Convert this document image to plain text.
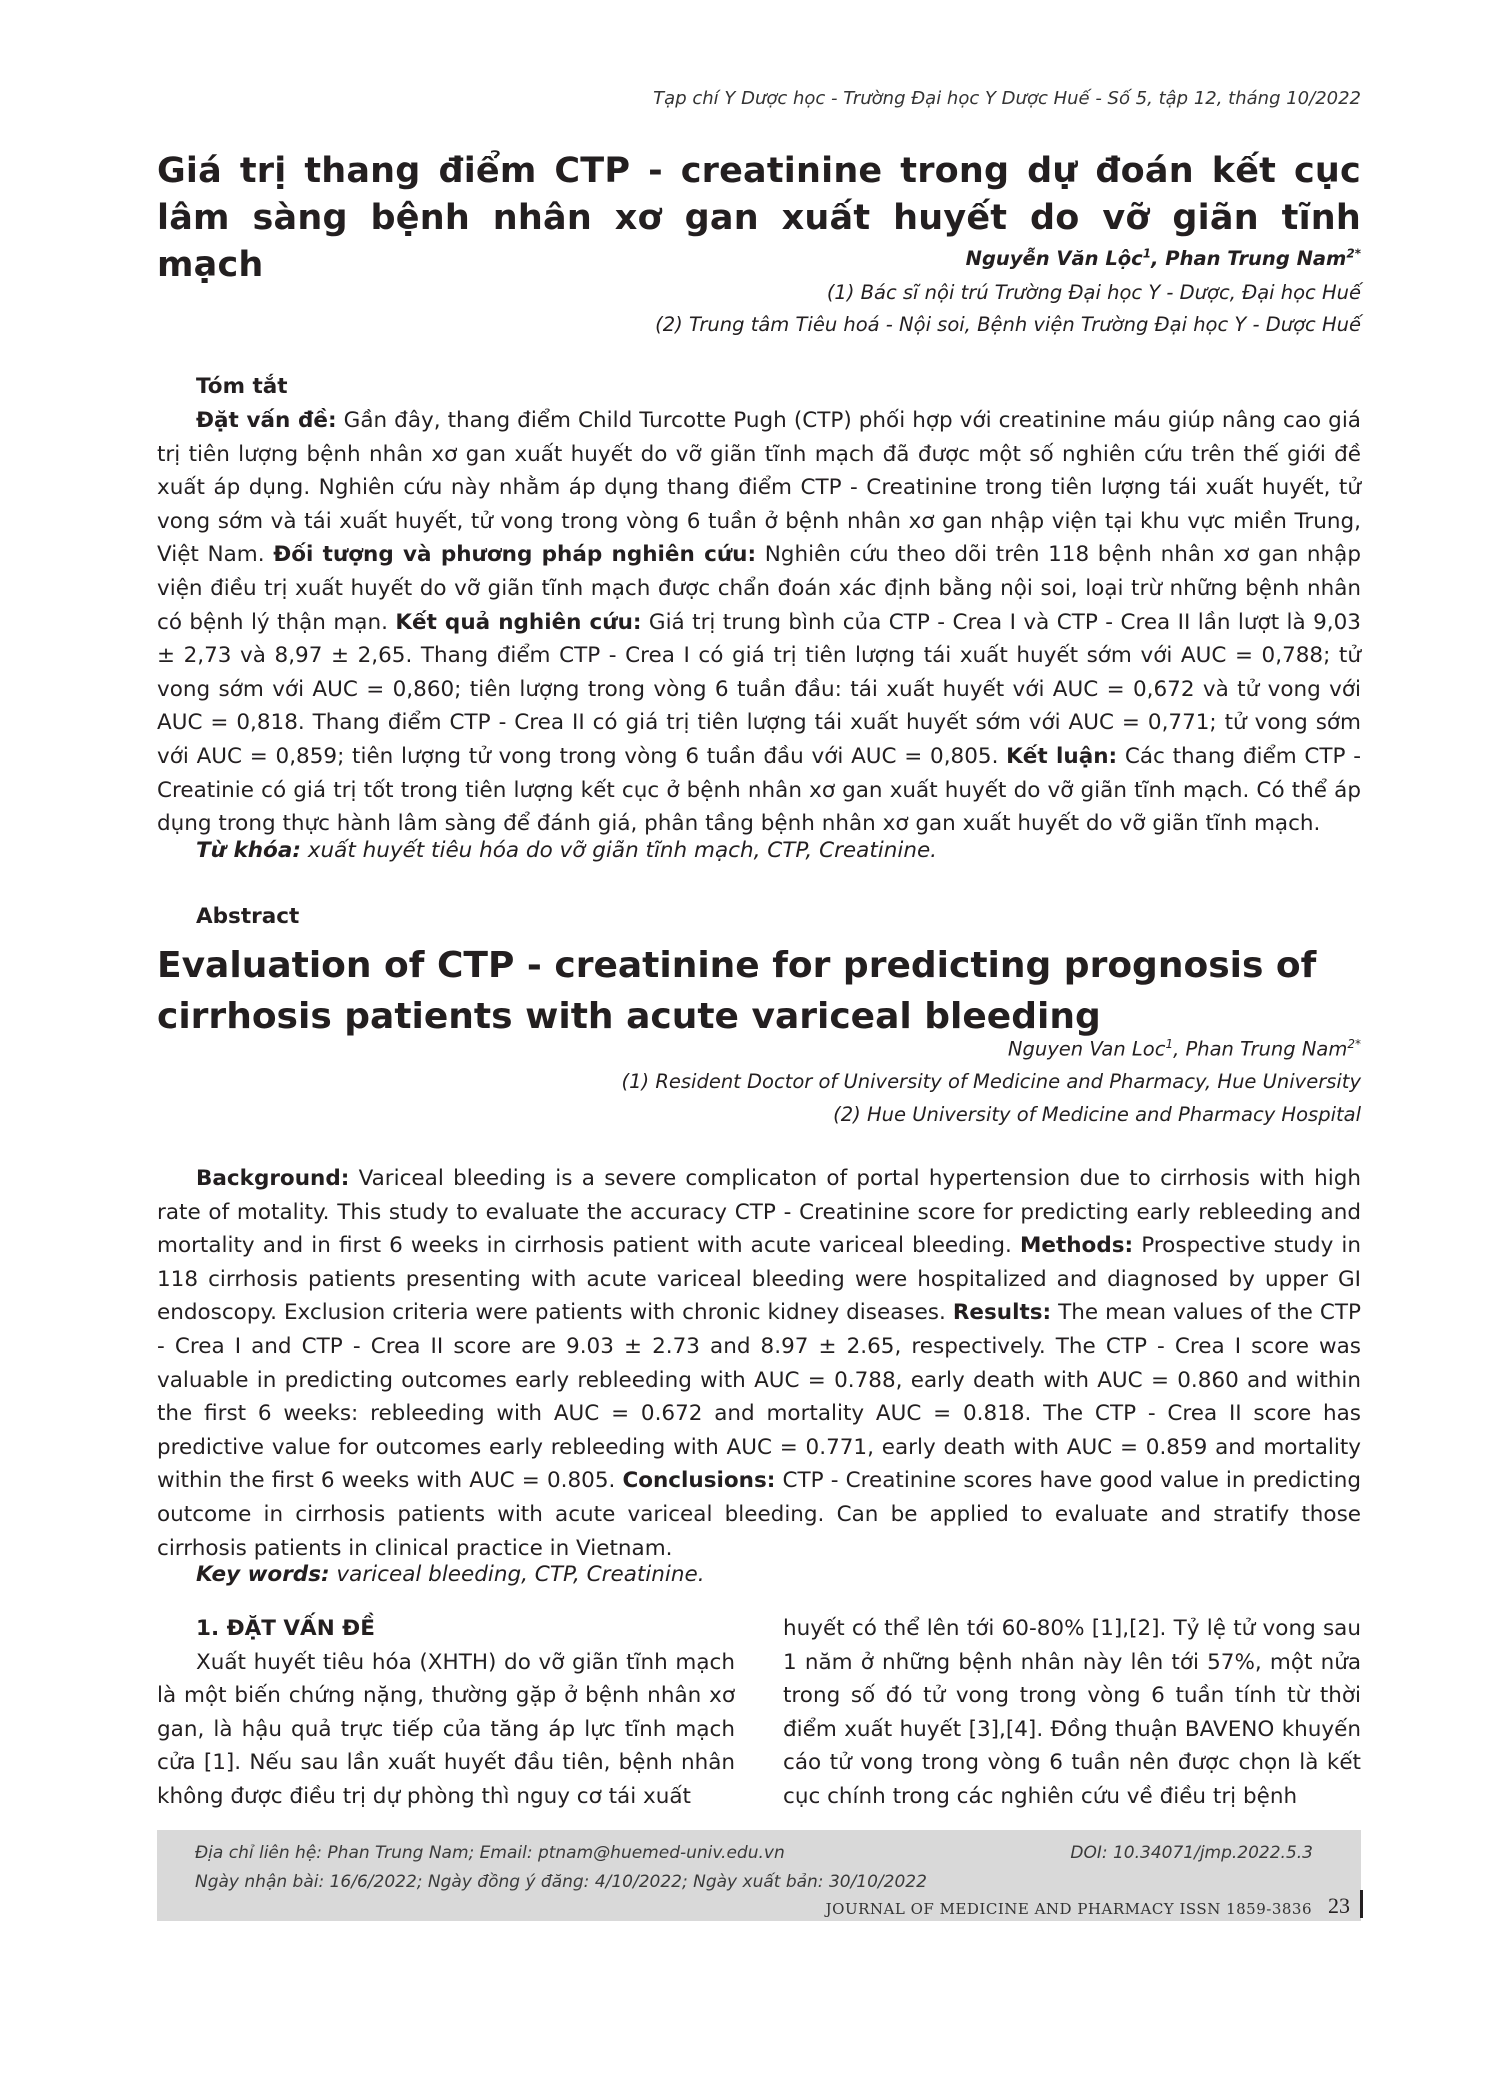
Tạp chí Y Dược học - Trường Đại học Y Dược Huế - Số 5, tập 12, tháng 10/2022
Giá trị thang điểm CTP - creatinine trong dự đoán kết cục lâm sàng bệnh nhân xơ gan xuất huyết do vỡ giãn tĩnh mạch	Nguyễn Văn Lộc$^1$, Phan Trung Nam$^{2*}$
(1) Bác sĩ nội trú Trường Đại học Y - Dược, Đại học Huế
(2) Trung tâm Tiêu hoá - Nội soi, Bệnh viện Trường Đại học Y - Dược Huế
Tóm tắt
Đặt vấn đề: Gần đây, thang điểm Child Turcotte Pugh (CTP) phối hợp với creatinine máu giúp nâng cao giá trị tiên lượng bệnh nhân xơ gan xuất huyết do vỡ giãn tĩnh mạch đã được một số nghiên cứu trên thế giới đề xuất áp dụng. Nghiên cứu này nhằm áp dụng thang điểm CTP - Creatinine trong tiên lượng tái xuất huyết, tử vong sớm và tái xuất huyết, tử vong trong vòng 6 tuần ở bệnh nhân xơ gan nhập viện tại khu vực miền Trung, Việt Nam. Đối tượng và phương pháp nghiên cứu: Nghiên cứu theo dõi trên 118 bệnh nhân xơ gan nhập viện điều trị xuất huyết do vỡ giãn tĩnh mạch được chẩn đoán xác định bằng nội soi, loại trừ những bệnh nhân có bệnh lý thận mạn. Kết quả nghiên cứu: Giá trị trung bình của CTP - Crea I và CTP - Crea II lần lượt là 9,03 ± 2,73 và 8,97 ± 2,65. Thang điểm CTP - Crea I có giá trị tiên lượng tái xuất huyết sớm với AUC = 0,788; tử vong sớm với AUC = 0,860; tiên lượng trong vòng 6 tuần đầu: tái xuất huyết với AUC = 0,672 và tử vong với AUC = 0,818. Thang điểm CTP - Crea II có giá trị tiên lượng tái xuất huyết sớm với AUC = 0,771; tử vong sớm với AUC = 0,859; tiên lượng tử vong trong vòng 6 tuần đầu với AUC = 0,805. Kết luận: Các thang điểm CTP - Creatinie có giá trị tốt trong tiên lượng kết cục ở bệnh nhân xơ gan xuất huyết do vỡ giãn tĩnh mạch. Có thể áp dụng trong thực hành lâm sàng để đánh giá, phân tầng bệnh nhân xơ gan xuất huyết do vỡ giãn tĩnh mạch.
Từ khóa: xuất huyết tiêu hóa do vỡ giãn tĩnh mạch, CTP, Creatinine.
Abstract
Evaluation of CTP - creatinine for predicting prognosis of cirrhosis patients with acute variceal bleeding
Nguyen Van Loc$^1$, Phan Trung Nam$^{2*}$
(1) Resident Doctor of University of Medicine and Pharmacy, Hue University
(2) Hue University of Medicine and Pharmacy Hospital
Background: Variceal bleeding is a severe complicaton of portal hypertension due to cirrhosis with high rate of motality. This study to evaluate the accuracy CTP - Creatinine score for predicting early rebleeding and mortality and in first 6 weeks in cirrhosis patient with acute variceal bleeding. Methods: Prospective study in 118 cirrhosis patients presenting with acute variceal bleeding were hospitalized and diagnosed by upper GI endoscopy. Exclusion criteria were patients with chronic kidney diseases. Results: The mean values of the CTP - Crea I and CTP - Crea II score are 9.03 ± 2.73 and 8.97 ± 2.65, respectively. The CTP - Crea I score was valuable in predicting outcomes early rebleeding with AUC = 0.788, early death with AUC = 0.860 and within the first 6 weeks: rebleeding with AUC = 0.672 and mortality AUC = 0.818. The CTP - Crea II score has predictive value for outcomes early rebleeding with AUC = 0.771, early death with AUC = 0.859 and mortality within the first 6 weeks with AUC = 0.805. Conclusions: CTP - Creatinine scores have good value in predicting outcome in cirrhosis patients with acute variceal bleeding. Can be applied to evaluate and stratify those cirrhosis patients in clinical practice in Vietnam.
Key words: variceal bleeding, CTP, Creatinine.
1. ĐẶT VẤN ĐỀ
Xuất huyết tiêu hóa (XHTH) do vỡ giãn tĩnh mạch là một biến chứng nặng, thường gặp ở bệnh nhân xơ gan, là hậu quả trực tiếp của tăng áp lực tĩnh mạch cửa [1]. Nếu sau lần xuất huyết đầu tiên, bệnh nhân không được điều trị dự phòng thì nguy cơ tái xuất
huyết có thể lên tới 60-80% [1],[2]. Tỷ lệ tử vong sau 1 năm ở những bệnh nhân này lên tới 57%, một nửa trong số đó tử vong trong vòng 6 tuần tính từ thời điểm xuất huyết [3],[4]. Đồng thuận BAVENO khuyến cáo tử vong trong vòng 6 tuần nên được chọn là kết cục chính trong các nghiên cứu về điều trị bệnh
Địa chỉ liên hệ: Phan Trung Nam; Email: ptnam@huemed-univ.edu.vn	DOI: 10.34071/jmp.2022.5.3
Ngày nhận bài: 16/6/2022; Ngày đồng ý đăng: 4/10/2022; Ngày xuất bản: 30/10/2022
JOURNAL OF MEDICINE AND PHARMACY ISSN 1859-3836 23
